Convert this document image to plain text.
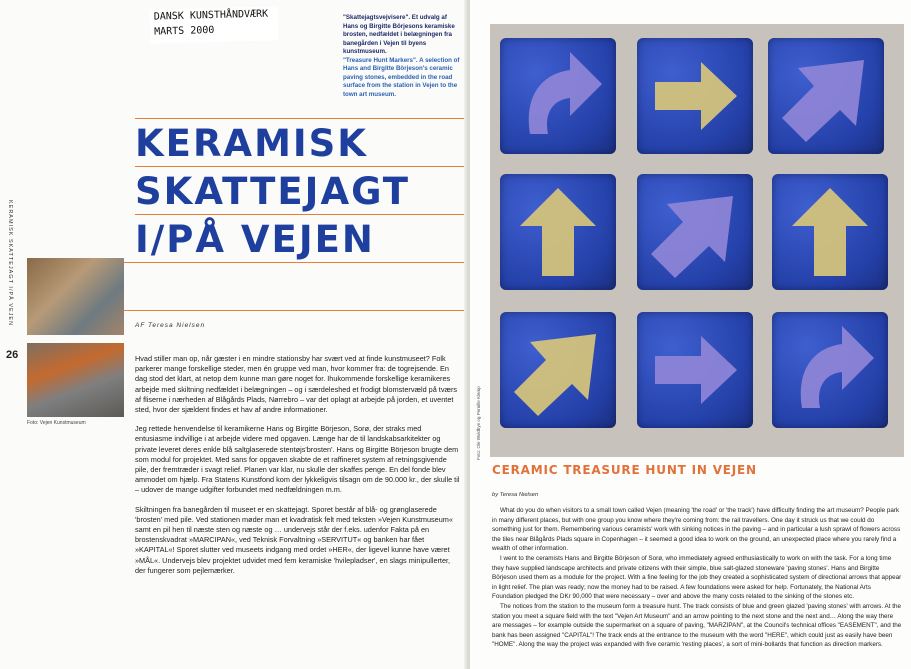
DANSK KUNSTHÅNDVÆRK
MARTS 2000
"Skattejagtsvejvisere". Et udvalg af Hans og Birgitte Börjesons keramiske brosten, nedfældet i belægningen fra banegården i Vejen til byens kunstmuseum.
"Treasure Hunt Markers". A selection of Hans and Birgitte Börjeson's ceramic paving stones, embedded in the road surface from the station in Vejen to the town art museum.
KERAMISK
SKATTEJAGT
I/PÅ VEJEN
KERAMISK SKATTEJAGT I/PÅ VEJEN
Foto: Vejen Kunstmuseum
26
AF Teresa Nielsen

Hvad stiller man op, når gæster i en mindre stationsby har svært ved at finde kunstmuseet? Folk parkerer mange forskellige steder, men én gruppe ved man, hvor kommer fra: de togrejsende. En dag stod det klart, at netop dem kunne man gøre noget for. Ihukommende forskellige keramikeres arbejde med skiltning nedfældet i belægningen – og i særdeleshed et frodigt blomstervæld på tværs af fliserne i nærheden af Blågårds Plads, Nørrebro – var det oplagt at arbejde på jorden, et uventet sted, hvor der sjældent findes et hav af andre informationer.

Jeg rettede henvendelse til keramikerne Hans og Birgitte Börjeson, Sorø, der straks med entusiasme indvillige i at arbejde videre med opgaven. Længe har de til landskabsarkitekter og private leveret deres enkle blå saltglaserede stentøjs'brosten'. Hans og Birgitte Börjeson brugte dem som modul for projektet. Med sans for opgaven skabte de et raffineret system af retningsgivende pile, der fremtræder i svagt relief. Planen var klar, nu skulle der skaffes penge. En del fonde blev ammodet om hjælp. Fra Statens Kunstfond kom der lykkeligvis tilsagn om de 90.000 kr., der skulle til – udover de mange udgifter forbundet med nedfældningen m.m.

Skiltningen fra banegården til museet er en skattejagt. Sporet består af blå- og grønglaserede 'brosten' med pile. Ved stationen møder man et kvadratisk felt med teksten »Vejen Kunstmuseum« samt en pil hen til næste sten og næste og … undervejs står der f.eks. udenfor Fakta på en brostenskvadrat »MARCIPAN«, ved Teknisk Forvaltning »SERVITUT« og banken har fået »KAPITAL«! Sporet slutter ved museets indgang med ordet »HER«, der ligevel kunne have været »MÅL«. Undervejs blev projektet udvidet med fem keramiske 'hvilepladser', en slags minipullerter, der fungerer som pejlemærker.

Foto: Ole Woldbye og Pernille Klemp
CERAMIC TREASURE HUNT IN VEJEN
by Teresa Nielsen

What do you do when visitors to a small town called Vejen (meaning 'the road' or 'the track') have difficulty finding the art museum? People park in many different places, but with one group you know where they're coming from: the rail travellers. One day it struck us that we could do something just for them. Remembering various ceramists' work with sinking notices in the paving – and in particular a lush sprawl of flowers across the tiles near Blågårds Plads square in Copenhagen – it seemed a good idea to work on the ground, an unexpected place where you rarely find a wealth of other information.

I went to the ceramists Hans and Birgitte Börjeson of Sorø, who immediately agreed enthusiastically to work on with the task. For a long time they have supplied landscape architects and private citizens with their simple, blue salt-glazed stoneware 'paving stones'. Hans and Birgitte Börjeson used them as a module for the project. With a fine feeling for the job they created a sophisticated system of directional arrows that appear in light relief. The plan was ready; now the money had to be raised. A few foundations were asked for help. Fortunately, the National Arts Foundation pledged the DKr 90,000 that were necessary – over and above the many costs related to the sinking of the stones etc.

The notices from the station to the museum form a treasure hunt. The track consists of blue and green glazed 'paving stones' with arrows. At the station you meet a square field with the text "Vejen Art Museum" and an arrow pointing to the next stone and the next and… Along the way there are messages – for example outside the supermarket on a square of paving, "MARZIPAN", at the Council's technical offices "EASEMENT", and the bank has been assigned "CAPITAL"! The track ends at the entrance to the museum with the word "HERE", which could just as easily have been "HOME". Along the way the project was expanded with five ceramic 'resting places', a sort of mini-bollards that function as direction markers.
